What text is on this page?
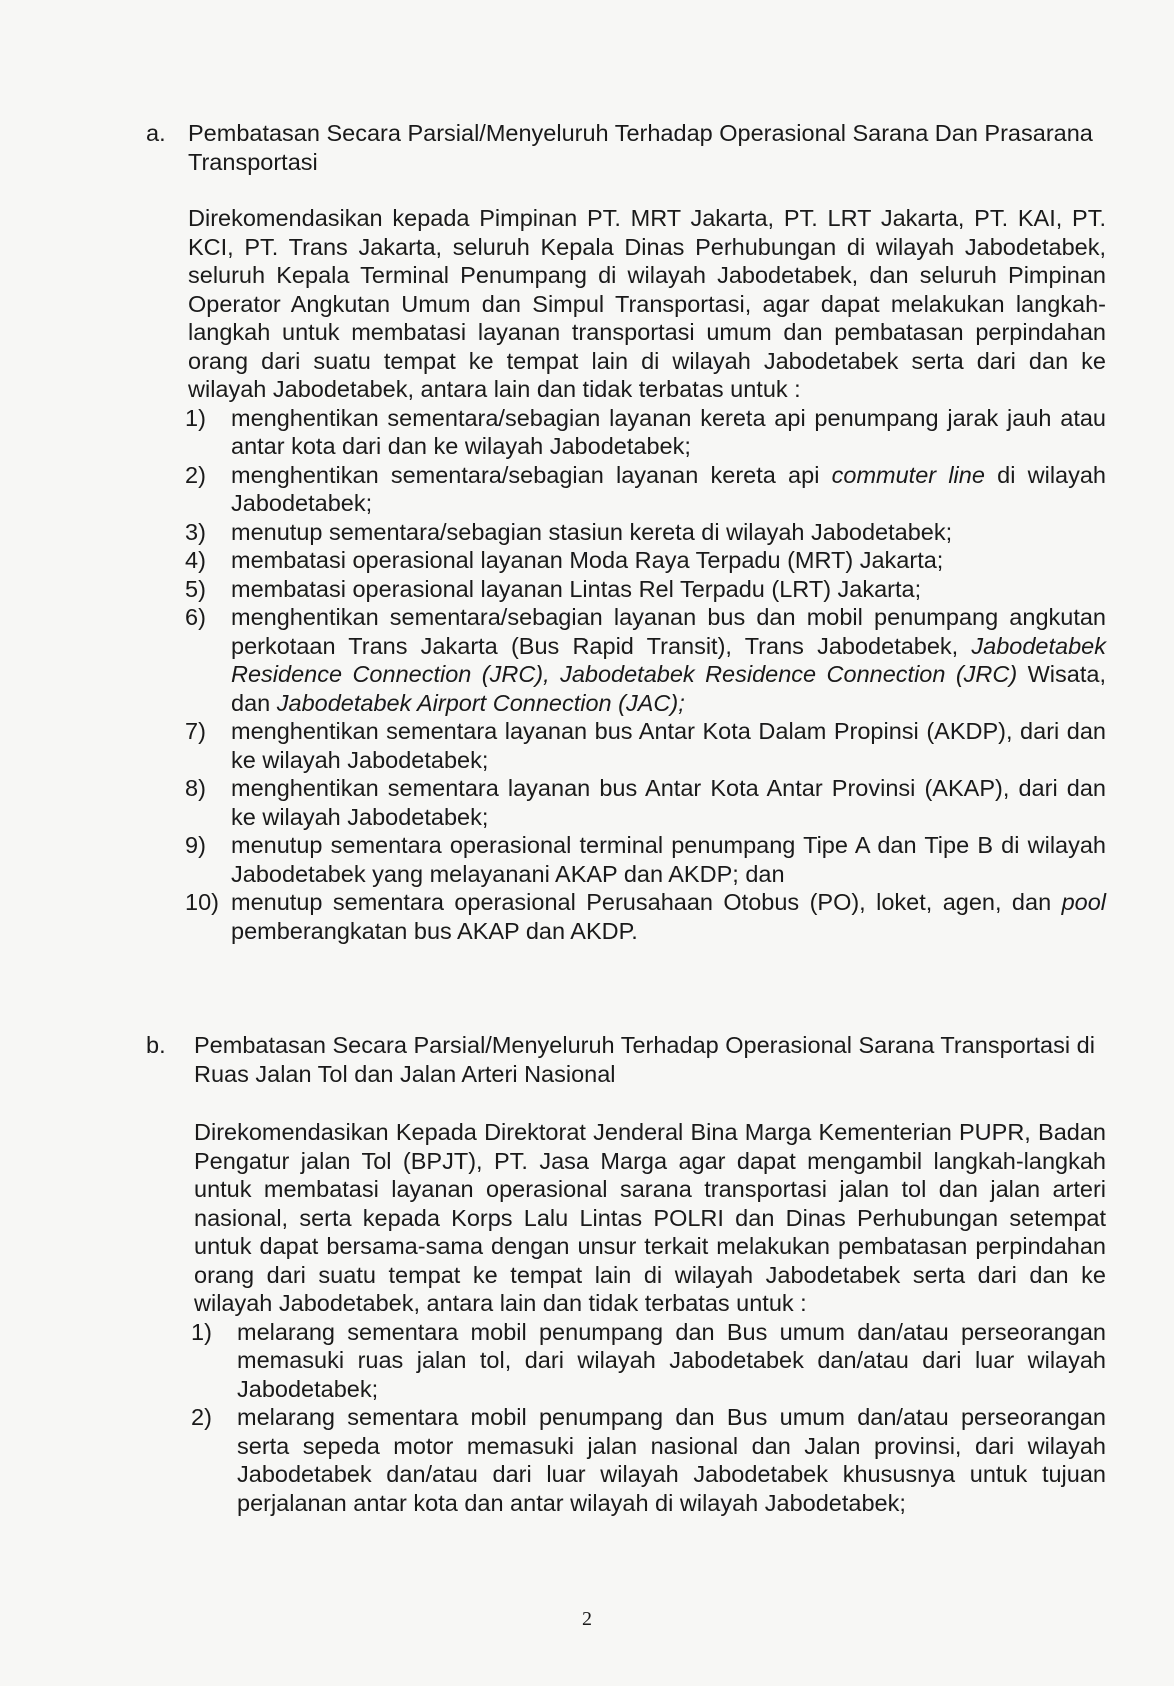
a. Pembatasan Secara Parsial/Menyeluruh Terhadap Operasional Sarana Dan Prasarana Transportasi

Direkomendasikan kepada Pimpinan PT. MRT Jakarta, PT. LRT Jakarta, PT. KAI, PT. KCI, PT. Trans Jakarta, seluruh Kepala Dinas Perhubungan di wilayah Jabodetabek, seluruh Kepala Terminal Penumpang di wilayah Jabodetabek, dan seluruh Pimpinan Operator Angkutan Umum dan Simpul Transportasi, agar dapat melakukan langkah-langkah untuk membatasi layanan transportasi umum dan pembatasan perpindahan orang dari suatu tempat ke tempat lain di wilayah Jabodetabek serta dari dan ke wilayah Jabodetabek, antara lain dan tidak terbatas untuk :

1)	menghentikan sementara/sebagian layanan kereta api penumpang jarak jauh atau antar kota dari dan ke wilayah Jabodetabek;
2)	menghentikan sementara/sebagian layanan kereta api commuter line di wilayah Jabodetabek;
3)	menutup sementara/sebagian stasiun kereta di wilayah Jabodetabek;
4)	membatasi operasional layanan Moda Raya Terpadu (MRT) Jakarta;
5)	membatasi operasional layanan Lintas Rel Terpadu (LRT) Jakarta;
6)	menghentikan sementara/sebagian layanan bus dan mobil penumpang angkutan perkotaan Trans Jakarta (Bus Rapid Transit), Trans Jabodetabek, Jabodetabek Residence Connection (JRC), Jabodetabek Residence Connection (JRC) Wisata, dan Jabodetabek Airport Connection (JAC);
7)	menghentikan sementara layanan bus Antar Kota Dalam Propinsi (AKDP), dari dan ke wilayah Jabodetabek;
8)	menghentikan sementara layanan bus Antar Kota Antar Provinsi (AKAP), dari dan ke wilayah Jabodetabek;
9)	menutup sementara operasional terminal penumpang Tipe A dan Tipe B di wilayah Jabodetabek yang melayanani AKAP dan AKDP; dan
10) menutup sementara operasional Perusahaan Otobus (PO), loket, agen, dan pool pemberangkatan bus AKAP dan AKDP.
b.	Pembatasan Secara Parsial/Menyeluruh Terhadap Operasional Sarana Transportasi di Ruas Jalan Tol dan Jalan Arteri Nasional

Direkomendasikan Kepada Direktorat Jenderal Bina Marga Kementerian PUPR, Badan Pengatur jalan Tol (BPJT), PT. Jasa Marga agar dapat mengambil langkah-langkah untuk membatasi layanan operasional sarana transportasi jalan tol dan jalan arteri nasional, serta kepada Korps Lalu Lintas POLRI dan Dinas Perhubungan setempat untuk dapat bersama-sama dengan unsur terkait melakukan pembatasan perpindahan orang dari suatu tempat ke tempat lain di wilayah Jabodetabek serta dari dan ke wilayah Jabodetabek, antara lain dan tidak terbatas untuk :

1)	melarang sementara mobil penumpang dan Bus umum dan/atau perseorangan memasuki ruas jalan tol, dari wilayah Jabodetabek dan/atau dari luar wilayah Jabodetabek;
2)	melarang sementara mobil penumpang dan Bus umum dan/atau perseorangan serta sepeda motor memasuki jalan nasional dan Jalan provinsi, dari wilayah Jabodetabek dan/atau dari luar wilayah Jabodetabek khususnya untuk tujuan perjalanan antar kota dan antar wilayah di wilayah Jabodetabek;
2
